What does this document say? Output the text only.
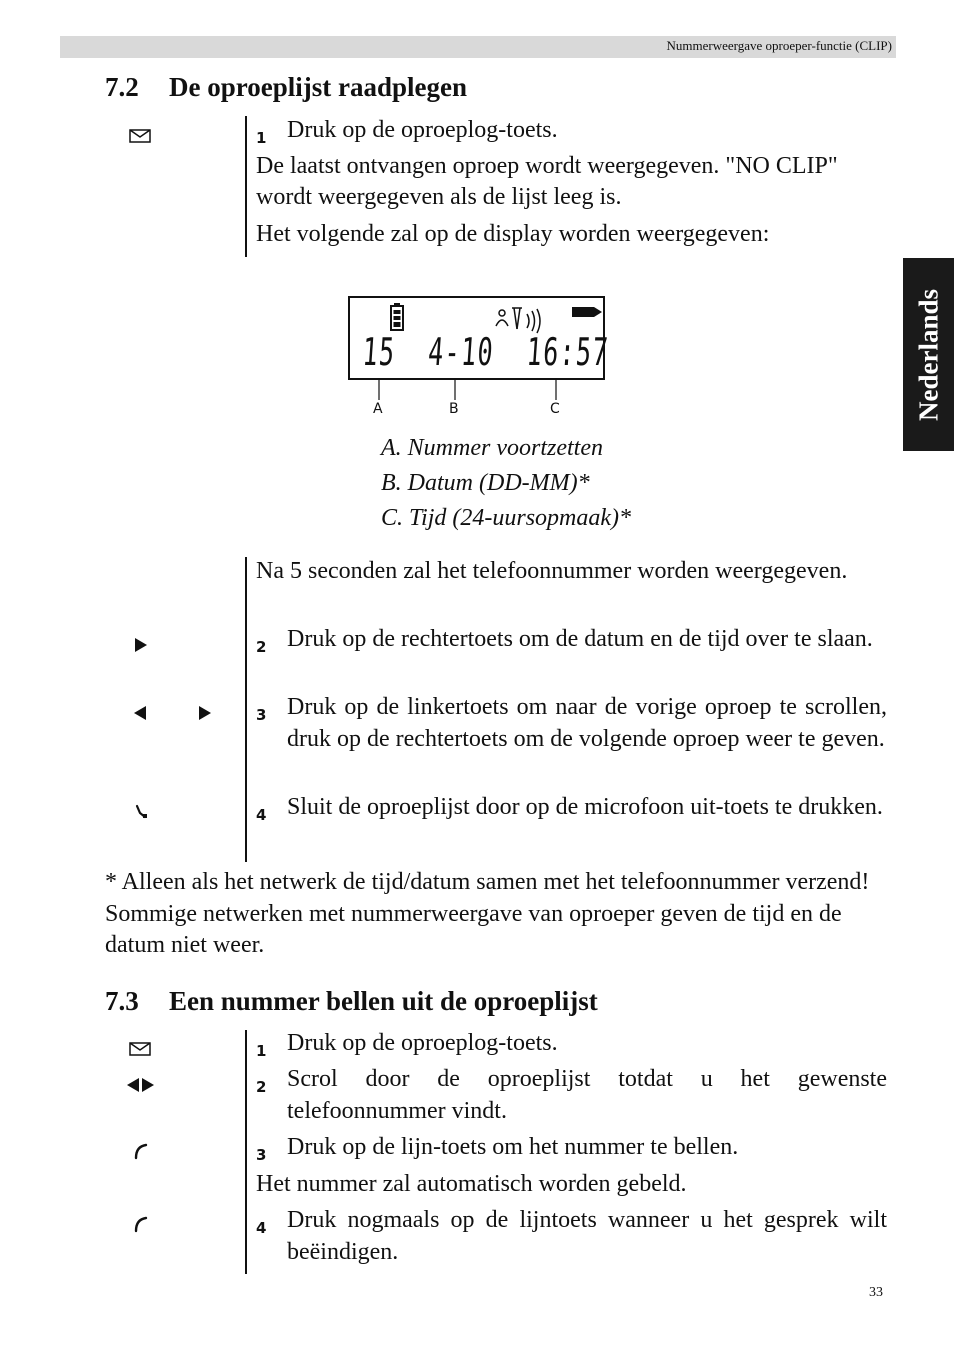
Nummerweergave oproeper-functie (CLIP)
Nederlands
7.2 De oproeplijst raadplegen
1 Druk op de oproeplog-toets.
De laatst ontvangen oproep wordt weergegeven. "NO CLIP" wordt weergegeven als de lijst leeg is.
Het volgende zal op de display worden weergegeven:
15  4-10  16:57
A	B	C
A. Nummer voortzetten
B. Datum (DD-MM)*
C. Tijd (24-uursopmaak)*
Na 5 seconden zal het telefoonnummer worden weergegeven.
2 Druk op de rechtertoets om de datum en de tijd over te slaan.
3 Druk op de linkertoets om naar de vorige oproep te scrollen, druk op de rechtertoets om de volgende oproep weer te geven.
4 Sluit de oproeplijst door op de microfoon uit-toets te drukken.
* Alleen als het netwerk de tijd/datum samen met het telefoonnummer verzend! Sommige netwerken met nummerweergave van oproeper geven de tijd en de datum niet weer.
7.3 Een nummer bellen uit de oproeplijst
1 Druk op de oproeplog-toets.
2 Scrol door de oproeplijst totdat u het gewenste telefoonnummer vindt.
3 Druk op de lijn-toets om het nummer te bellen.
Het nummer zal automatisch worden gebeld.
4 Druk nogmaals op de lijntoets wanneer u het gesprek wilt beëindigen.
33
